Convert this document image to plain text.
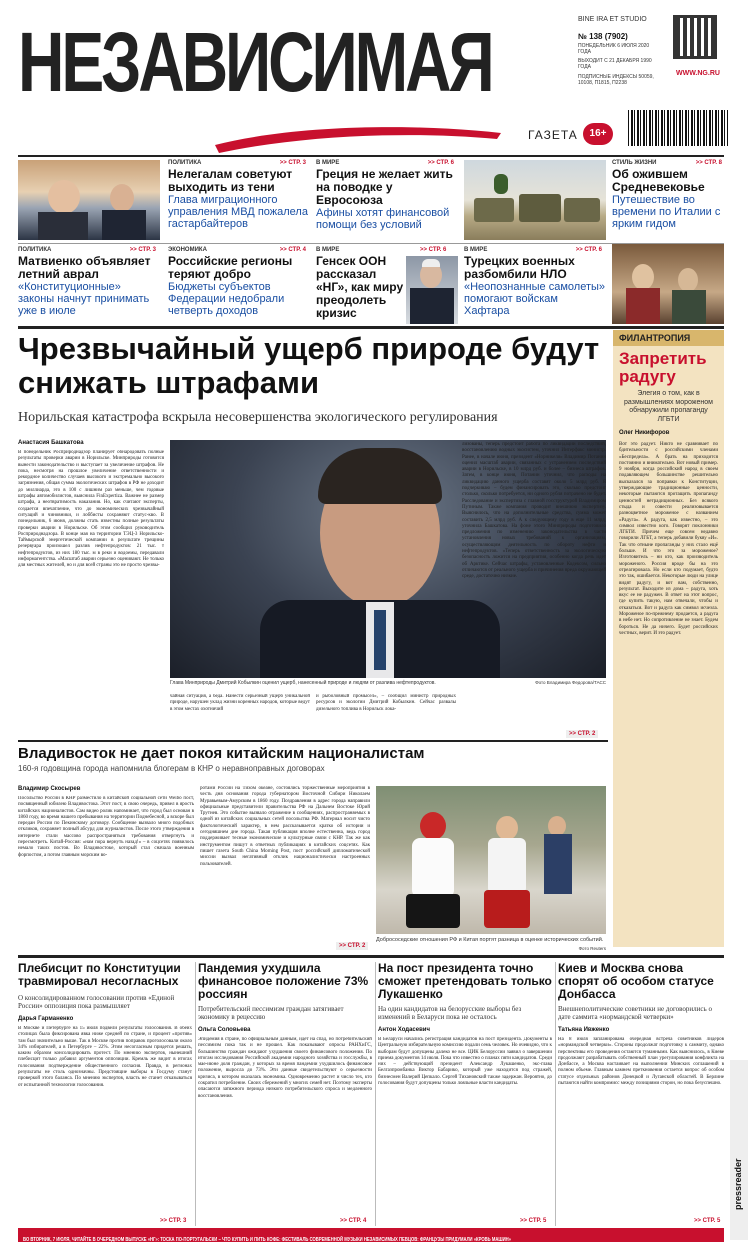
НЕЗАВИСИМАЯ
ГАЗЕТА	16+
BINE IRA ET STUDIO
№ 138 (7902)
ПОНЕДЕЛЬНИК 6 ИЮЛЯ 2020 ГОДА
ВЫХОДИТ С 21 ДЕКАБРЯ 1990 ГОДА
ПОДПИСНЫЕ ИНДЕКСЫ 50059, 10108, П1815, П2238
WWW.NG.RU
ПОЛИТИКА	>> СТР. 3
Нелегалам советуют выходить из тени

Глава миграционного управления МВД пожалела гастарбайтеров

В МИРЕ	>> СТР. 6
Греция не желает жить на поводке у Евросоюза

Афины хотят финансовой помощи без условий

СТИЛЬ ЖИЗНИ	>> СТР. 8
Об ожившем Средневековье

Путешествие во времени по Италии с ярким гидом

ПОЛИТИКА	>> СТР. 3
Матвиенко объявляет летний аврал

«Конституционные» законы начнут принимать уже в июле

ЭКОНОМИКА	>> СТР. 4
Российские регионы теряют добро

Бюджеты субъектов Федерации недобрали четверть доходов

В МИРЕ
Генсек ООН рассказал «НГ», как миру преодолеть кризис
>> СТР. 6	В МИРЕ	>> СТР. 6
Турецких военных разбомбили НЛО

«Неопознанные самолеты» помогают войскам Хафтара

Чрезвычайный ущерб природе будут снижать штрафами
Норильская катастрофа вскрыла несовершенства экологического регулирования
Анастасия Башкатова
В понедельник Росприроднадзор планирует обнародовать полные результаты проверки аварии в Норильске. Минприроды готовится вынести законодательство и выступает за увеличение штрафов. Не пока, несмотря на прошлое увеличение ответственности и рекордное количество случаев высокого и экстремально высокого загрязнения, общая сумма экологических штрафов в РФ не доходит до миллиарда, это в 100 с лишним раз меньше, чем годовые штрафы автомобилистов, выяснила FinExpertiza. Важнее не размер штрафа, а неотвратимость наказания. Но, как считают эксперты, создается впечатление, что до экономических чрезвычайный ситуаций и чиновники, и лоббисты сохраняют статус-кво. В понедельник, 6 июня, должны стать известны полные результаты проверки аварии в Норильске. Об этом сообщил руководитель Росприроднадзора. В конце мая на территории ТЭЦ-3 Норильско-Таймырской энергетической компании в результате трещины резервуара произошел разлив нефтепродуктов: 21 тыс. т нефтепродуктов, из них 180 тыс. м в реки и водоемы, передавали информагентства. «Масштаб аварии серьезно оценивают. Не только для местных жителей, но и для всей страны это не просто чрезвы-
Глава Минприроды Дмитрий Кобылкин оценил ущерб, нанесенный природе и людям от разлива нефтепродуктов.	Фото Владимира Федорова/ТАСС
чайная ситуация, а беда. Нанести серьезный ущерб уникальной природе, нарушен уклад жизни коренных народов, которые ведут в этом местах охотничий
и рыболовный промысел», – сообщил министр природных ресурсов и экологии Дмитрий Кобылкин. Сейчас развалы дизельного топлива в Норильск лока-
лизованы, теперь предстоит работа по ликвидации последствий, восстановлению водных экосистем, уточнил Интерфакс министр. Ранее, в начале июня, президент «Норникеля» Владимир Потанин оценил масштаб аварии, связанных с устранением последствий аварии в Норильске, в 10 млрд руб. и более – бизнеса штрафов. Затем, в конце июня, Потанин уточнил, что расходы на ликвидацию данного ущерба составят около 5 млрд руб. Я подчеркиваю – будем финансировать это, сколько предстоит столько, сколько потребуется, ни одного рубля потрачено не будет. Расследование и экспертиза с главной госструктурой Владимиром Путиным. Также компания проводит внешнюю экспертизу. Выяснилось, что на дополнительные средства, сумма может составить 2,5 млрд руб. А к следующему году в еще 11 млрд, уточнила Башкатова. На фоне этого Минприроды подготовило предложения по изменению законодательства в части установления новых требований к организациям, осуществляющим деятельность по обороту нефти и нефтепродуктов. «Теперь ответственность за экологическую безопасность ложится на предприятия, особенно когда речь идет об Арктике. Сейчас штрафы, установленные Кодексом, сильно отличаются от реального ущерба и причинения вреда окружающей среде, достаточно низкие.
>> СТР. 2
ФИЛАНТРОПИЯ
Запретить радугу
Элегия о том, как в размышлениях мороженом обнаружили пропаганду ЛГБТИ
Олег Никифоров
Вот это радует. Никто не сравнивает по бдительности с российскими членами «Беспредела». А брать на приходится постоянно и внимательно. Вот новый пример. 9 ноября, когда российский народ в своем подавляющем большинстве решительно высказался за поправки к Конституции, утверждающие традиционные ценности, некоторые пытаются протащить пропаганду ценностей нетрадиционных. Без всякого стыда и совести реализовывается разноцветное мороженое с названием «Радуга». А радуга, как известно, – это символ известно кого. Говорят поклонники ЛГБТИ. Причем еще совсем недавно говорили ЛГБТ, а теперь добавили букву «И». Так что отныне пропаганды у них стало ещё больше. И что это за мороженое? Изготовитель – ни кто, как производитель мороженого. Россия вроде бы на это отреагировала. Но если кто подумает, будто это так, ошибается. Некоторые люди на улице видят радугу, и вот вам, собственно, результат. Выходите из дома – радуга, хоть вкус ее не радужен. В ответ на этот вопрос, где купить такую, нам отвечали, чтобы и отказаться. Вот и радуга как символ исчезла. Мороженое по-прежнему продается, а радуга в небе нет. Но сопротивление не знает. Будем бороться. Не да ничего. Будет российских честных, верит. И это радует.
Владивосток не дает покоя китайским националистам
160-я годовщина города напомнила блогерам в КНР о неравноправных договорах
Владимир Скосырев
Посольство России в КНР разместило в китайской социальной сети Weibo пост, посвященный юбилею Владивостока. Этот пост, в свою очередь, привел в ярость китайских националистов. Сам видео ролик напоминает, что город был основан в 1860 году, во время нашего пребывания на территории Поднебесной, а вскоре был передан России по Пекинскому договору. Сообщение вызвало много подобных откликов, сохраняет полный абсурд для журналистов. После этого утверждения в интернете стали массово распространяться требования отвергнуть и пересмотреть. Китай-Россия: «нам пора вернуть назад!» – в соцсетях появилось немало таких постов. Во Владивостоке, который стал сначала военным форпостом, а потом главным морским во-
ротами России на Тихом океане, состоялись торжественные мероприятия в честь дня основания города губернатором Восточной Сибири Николаем Муравьевым-Амурским в 1860 году. Поздравления в адрес города направили официальные представители правительства РФ на Дальнем Востоке Юрий Трутнев. Это событие вызвало отражение в сообщениях, распространяемых в одной из китайских социальных сетей посольства РФ. Материал носит чисто фактологический характер, в нем рассказывается кратко об истории и сегодняшнем дне города. Такая публикация вполне естественна, ведь город поддерживает тесные экономические и культурные связи с КНР. Так же как инструментом пишут в ответных публикациях в китайских соцсетях. Как пишет газета South China Morning Post, пост российской дипломатической миссии вызвал негативный отклик националистически настроенных пользователей.
Добрососедские отношения РФ и Китая портят разница в оценке исторических событий.
Фото Reuters
>> СТР. 2
Плебисцит по Конституции травмировал несогласных
О консолидированном голосовании против «Единой России» оппозиция пока размышляет
Дарья Гарманенко
В Москве и Петербурге на 15 июля подвели результаты голосования. В обеих столицах была фиксирована явка ниже средней по стране, и процент «против» там был значительно выше. Так в Москве против поправок проголосовали около 34% избирателей, а в Петербурге – 22%. Этим несогласным придется решать, каким образом консолидировать протест. По мнению экспертов, нынешний плебисцит только добавил аргументов оппозиции. Кремль же видит в итогах голосования подтверждение общественного согласия. Правда, в регионах результаты не столь однозначны. Предстоящие выборы в Госдуму станут проверкой этого баланса. По мнению экспертов, власть не станет отказываться от испытанной технологии голосования.
>> СТР. 3
Пандемия ухудшила финансовое положение 73% россиян
Потребительский пессимизм граждан затягивает экономику в рецессию
Ольга Соловьева
Эпидемия в стране, по официальным данным, идет на спад, но потребительский пессимизм пока так и не прошел. Как показывают опросы РАНХиГС, большинство граждан ожидают ухудшения своего финансового положения. По итогам исследования Российской академии народного хозяйства и госслужбы, в мае-июне доля граждан, у которых за время пандемии ухудшилось финансовое положение, выросла до 73%. Эти данные свидетельствуют о серьезности кризиса, в котором оказалась экономика. Одновременно растет и число тех, кто сократил потребление. Своих сбережений у многих семей нет. Поэтому эксперты опасаются затяжного периода низкого потребительского спроса и медленного восстановления.
>> СТР. 4
На пост президента точно сможет претендовать только Лукашенко
На один кандидатов на белорусские выборы без изменений в Беларуси пока не осталось
Антон Ходасевич
В Беларуси начались регистрация кандидатов на пост президента. Документы в Центральную избирательную комиссию подали семь человек. Но очевидно, что к выборам будут допущены далеко не все. ЦИК Белоруссии заявил о завершении приема документов 14 июля. Пока что известно о планах пяти кандидатов. Среди них – действующий президент Александр Лукашенко, экс-глава Белгазпромбанка Виктор Бабарико, который уже находится под стражей, бизнесмен Валерий Цепкало. Сергей Тихановский также задержан. Вероятно, до голосования будут допущены только лояльные власти кандидаты.
>> СТР. 5
Киев и Москва снова спорят об особом статусе Донбасса
Внешнеполитические советники не договорились о дате саммита «нормандской четверки»
Татьяна Ивженко
На 8 июля запланирована очередная встреча советников лидеров «нормандской четверки». Стороны продолжат подготовку к саммиту, однако перспективы его проведения остаются туманными. Как выяснилось, в Киеве продолжают разрабатывать собственный план урегулирования конфликта на Донбассе, а Москва настаивает на выполнении Минских соглашений в полном объеме. Главным камнем преткновения остается вопрос об особом статусе отдельных районов Донецкой и Луганской областей. В Берлине пытаются найти компромисс между позициями сторон, но пока безуспешно.
>> СТР. 5
ВО ВТОРНИК, 7 ИЮЛЯ, ЧИТАЙТЕ В ОЧЕРЕДНОМ ВЫПУСКЕ «НГ»: ТОСКА ПО-ПОРТУГАЛЬСКИ – ЧТО КУПИТЬ И ПИТЬ КОФЕ: ФЕСТИВАЛЬ СОВРЕМЕННОЙ МУЗЫКИ НЕЗАВИСИМЫХ ПЕВЦОВ: ФРАНЦУЗЫ ПРИДУМАЛИ «КРОВЬ МАШИН»
pressreader
